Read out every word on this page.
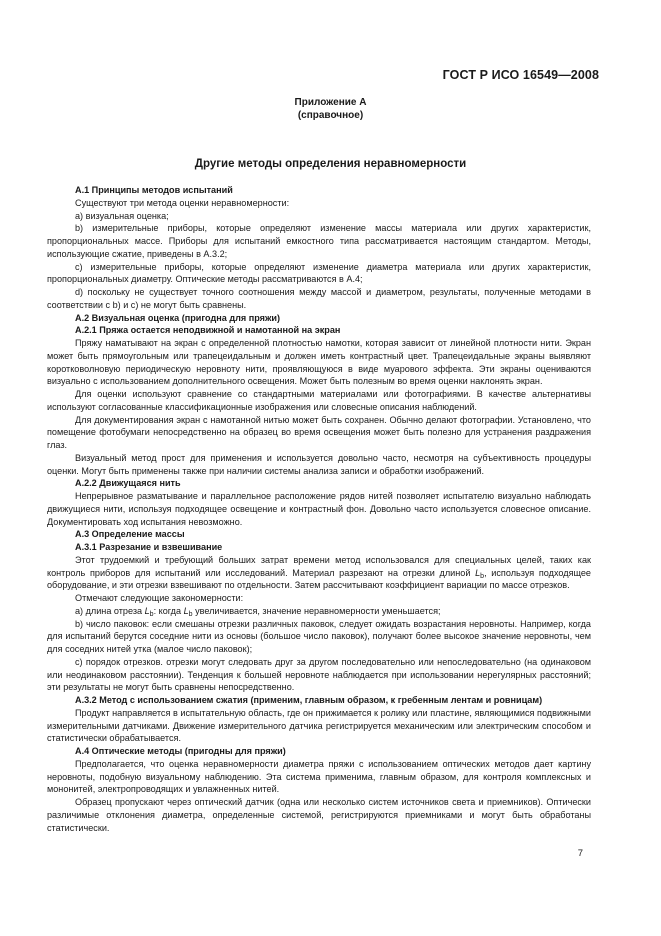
ГОСТ Р ИСО 16549—2008
Приложение А
(справочное)
Другие методы определения неравномерности

А.1 Принципы методов испытаний

Существуют три метода оценки неравномерности:

а) визуальная оценка;

b) измерительные приборы, которые определяют изменение массы материала или других характеристик, пропорциональных массе. Приборы для испытаний емкостного типа рассматривается настоящим стандартом. Методы, использующие сжатие, приведены в А.3.2;

с) измерительные приборы, которые определяют изменение диаметра материала или других характеристик, пропорциональных диаметру. Оптические методы рассматриваются в А.4;

d) поскольку не существует точного соотношения между массой и диаметром, результаты, полученные методами в соответствии с b) и с) не могут быть сравнены.

А.2 Визуальная оценка (пригодна для пряжи)

А.2.1 Пряжа остается неподвижной и намотанной на экран

Пряжу наматывают на экран с определенной плотностью намотки, которая зависит от линейной плотности нити. Экран может быть прямоугольным или трапецеидальным и должен иметь контрастный цвет. Трапецеидальные экраны выявляют коротковолновую периодическую неровноту нити, проявляющуюся в виде муарового эффекта. Эти экраны оцениваются визуально с использованием дополнительного освещения. Может быть полезным во время оценки наклонять экран.

Для оценки используют сравнение со стандартными материалами или фотографиями. В качестве альтернативы используют согласованные классификационные изображения или словесные описания наблюдений.

Для документирования экран с намотанной нитью может быть сохранен. Обычно делают фотографии. Установлено, что помещение фотобумаги непосредственно на образец во время освещения может быть полезно для устранения раздражения глаз.

Визуальный метод прост для применения и используется довольно часто, несмотря на субъективность процедуры оценки. Могут быть применены также при наличии системы анализа записи и обработки изображений.

А.2.2 Движущаяся нить

Непрерывное разматывание и параллельное расположение рядов нитей позволяет испытателю визуально наблюдать движущиеся нити, используя подходящее освещение и контрастный фон. Довольно часто используется словесное описание. Документировать ход испытания невозможно.

А.3 Определение массы

А.3.1 Разрезание и взвешивание

Этот трудоемкий и требующий больших затрат времени метод использовался для специальных целей, таких как контроль приборов для испытаний или исследований. Материал разрезают на отрезки длиной $L_b$, используя подходящее оборудование, и эти отрезки взвешивают по отдельности. Затем рассчитывают коэффициент вариации по массе отрезков.

Отмечают следующие закономерности:

а) длина отреза $L_b$: когда $L_b$ увеличивается, значение неравномерности уменьшается;

b) число паковок: если смешаны отрезки различных паковок, следует ожидать возрастания неровноты. Например, когда для испытаний берутся соседние нити из основы (большое число паковок), получают более высокое значение неровноты, чем для соседних нитей утка (малое число паковок);

с) порядок отрезков. отрезки могут следовать друг за другом последовательно или непоследовательно (на одинаковом или неодинаковом расстоянии). Тенденция к большей неровноте наблюдается при использовании нерегулярных расстояний; эти результаты не могут быть сравнены непосредственно.

А.3.2 Метод с использованием сжатия (применим, главным образом, к гребенным лентам и ровницам)

Продукт направляется в испытательную область, где он прижимается к ролику или пластине, являющимися подвижными измерительными датчиками. Движение измерительного датчика регистрируется механическим или электрическим способом и статистически обрабатывается.

А.4 Оптические методы (пригодны для пряжи)

Предполагается, что оценка неравномерности диаметра пряжи с использованием оптических методов дает картину неровноты, подобную визуальному наблюдению. Эта система применима, главным образом, для контроля комплексных и мононитей, электропроводящих и увлажненных нитей.

Образец пропускают через оптический датчик (одна или несколько систем источников света и приемников). Оптически различимые отклонения диаметра, определенные системой, регистрируются приемниками и могут быть обработаны статистически.

7
